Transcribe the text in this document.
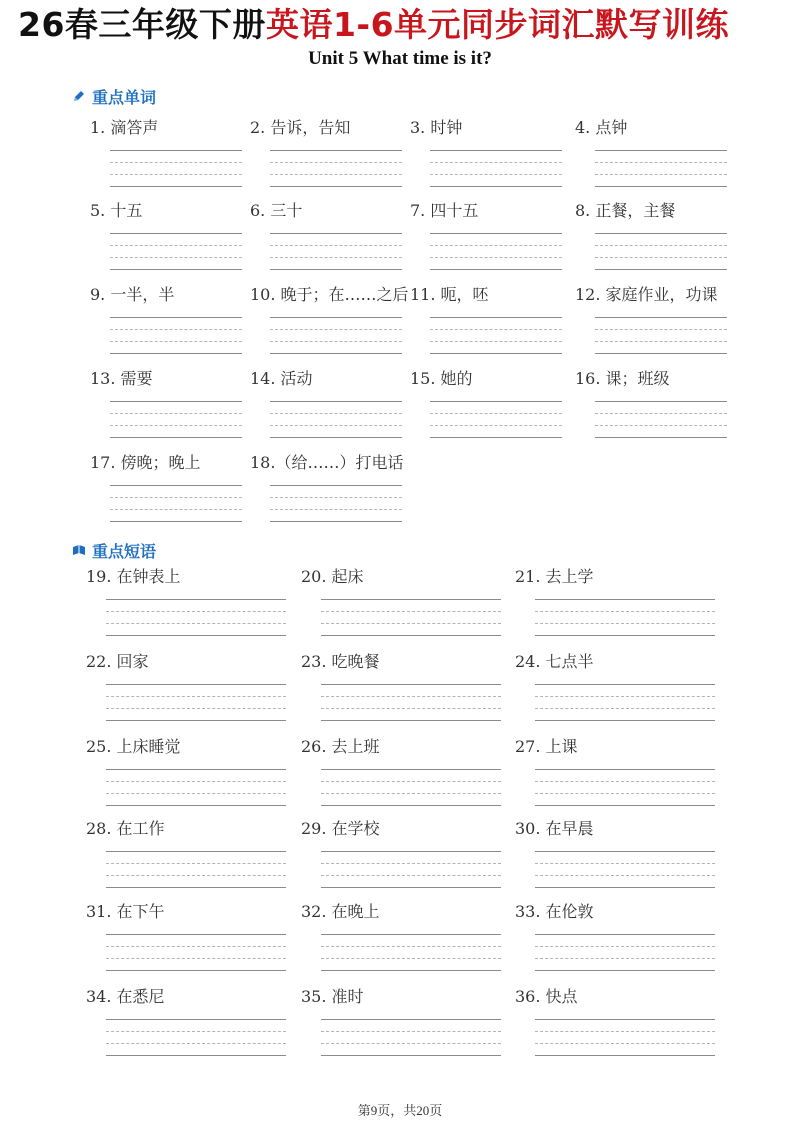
26春三年级下册英语1-6单元同步词汇默写训练
Unit 5 What time is it?
重点单词
1. 滴答声	2. 告诉，告知	3. 时钟	4. 点钟
5. 十五	6. 三十	7. 四十五	8. 正餐，主餐
9. 一半，半	10. 晚于；在……之后 11. 呃，呸	12. 家庭作业，功课
13. 需要	14. 活动	15. 她的	16. 课；班级
17. 傍晚；晚上	18.（给……）打电话
重点短语
19. 在钟表上	20. 起床	21. 去上学
22. 回家	23. 吃晚餐	24. 七点半
25. 上床睡觉	26. 去上班	27. 上课
28. 在工作	29. 在学校	30. 在早晨
31. 在下午	32. 在晚上	33. 在伦敦
34. 在悉尼	35. 准时	36. 快点
第9页，共20页
